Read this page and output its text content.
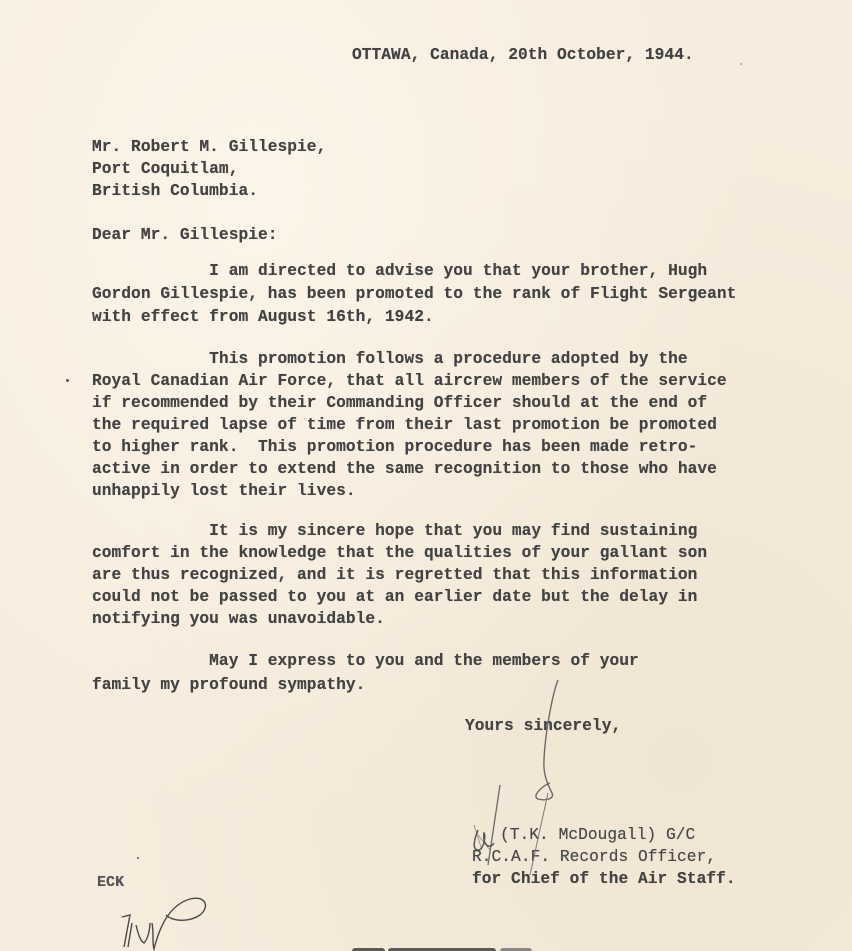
OTTAWA, Canada, 20th October, 1944.
Mr. Robert M. Gillespie,
Port Coquitlam,
British Columbia.
Dear Mr. Gillespie:
I am directed to advise you that your brother, Hugh
Gordon Gillespie, has been promoted to the rank of Flight Sergeant
with effect from August 16th, 1942.
This promotion follows a procedure adopted by the
Royal Canadian Air Force, that all aircrew members of the service
if recommended by their Commanding Officer should at the end of
the required lapse of time from their last promotion be promoted
to higher rank.  This promotion procedure has been made retro-
active in order to extend the same recognition to those who have
unhappily lost their lives.
It is my sincere hope that you may find sustaining
comfort in the knowledge that the qualities of your gallant son
are thus recognized, and it is regretted that this information
could not be passed to you at an earlier date but the delay in
notifying you was unavoidable.
May I express to you and the members of your
family my profound sympathy.
Yours sincerely,
(T.K. McDougall) G/C
R.C.A.F. Records Officer,
for Chief of the Air Staff.
ECK
